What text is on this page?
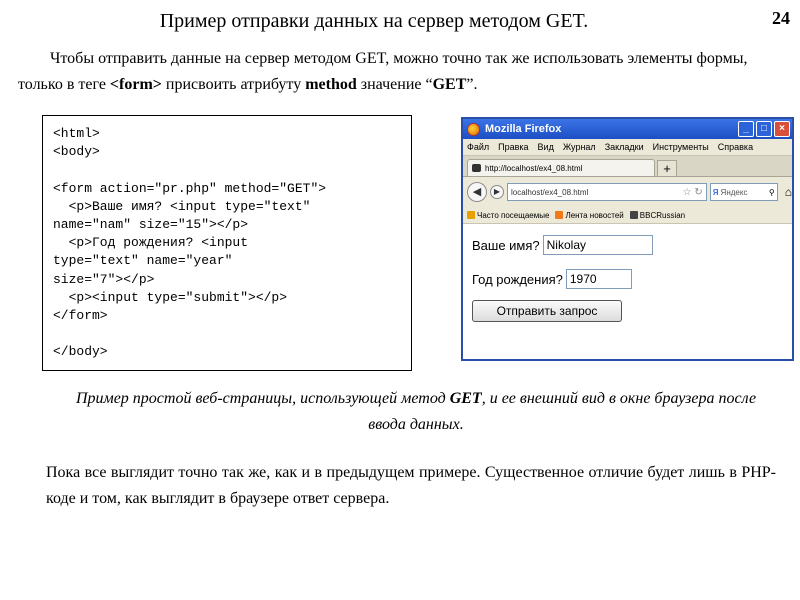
Пример отправки данных на сервер методом GET.	24
Чтобы отправить данные на сервер методом GET, можно точно так же использовать элементы формы, только в теге <form> присвоить атрибуту method значение “GET”.
<html>
<body>

<form action="pr.php" method="GET">
<p>Ваше имя? <input type="text"
name="nam" size="15"></p>
<p>Год рождения? <input
type="text" name="year"
size="7"></p>
<p><input type="submit"></p>
</form>

</body>
Mozilla Firefox	_	□	×
Файл Правка Вид Журнал Закладки Инструменты Справка
http://localhost/ex4_08.html	+
◀	▶	localhost/ex4_08.html	☆ ↻ Я Яндекс	⚲ ⌂
Часто посещаемые Лента новостей BBCRussian
Ваше имя? Nikolay
Год рождения? 1970
Отправить запрос
Пример простой веб-страницы, использующей метод GET, и ее внешний вид в окне браузера после ввода данных.
Пока все выглядит точно так же, как и в предыдущем примере. Существенное отличие будет лишь в PHP-коде и том, как выглядит в браузере ответ сервера.
